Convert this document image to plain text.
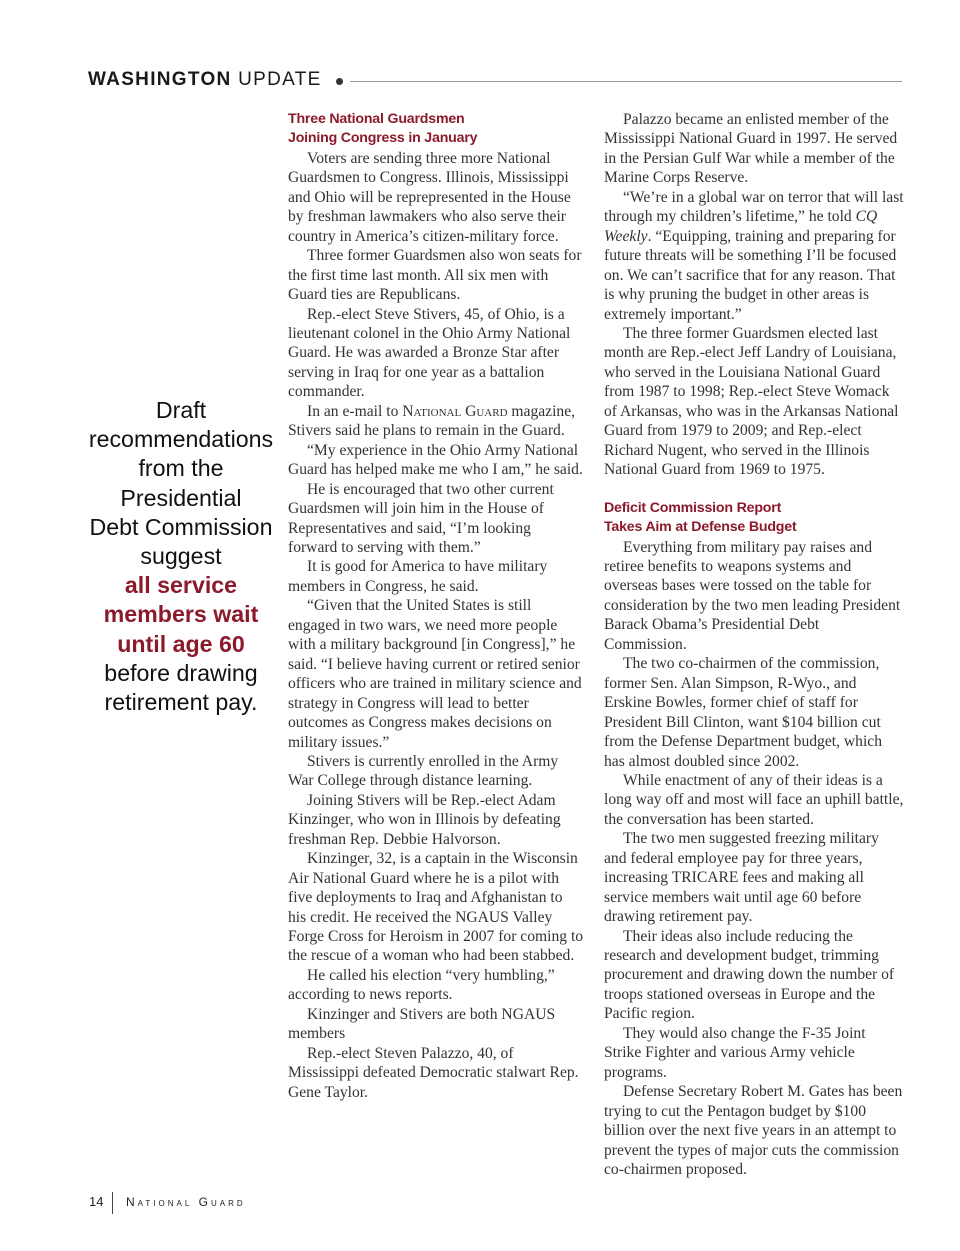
WASHINGTON UPDATE
Draft
recommendations
from the
Presidential
Debt Commission
suggest
all service
members wait
until age 60
before drawing
retirement pay.
Three National Guardsmen
Joining Congress in January

Voters are sending three more National Guardsmen to Congress. Illinois, Mississippi and Ohio will be reprepresented in the House by freshman lawmakers who also serve their country in America’s citizen-military force.

Three former Guardsmen also won seats for the first time last month. All six men with Guard ties are Republicans.

Rep.-elect Steve Stivers, 45, of Ohio, is a lieutenant colonel in the Ohio Army National Guard. He was awarded a Bronze Star after serving in Iraq for one year as a battalion commander.

In an e-mail to National Guard magazine, Stivers said he plans to remain in the Guard.

“My experience in the Ohio Army National Guard has helped make me who I am,” he said.

He is encouraged that two other current Guardsmen will join him in the House of Representatives and said, “I’m looking forward to serving with them.”

It is good for America to have military members in Congress, he said.

“Given that the United States is still engaged in two wars, we need more people with a military background [in Congress],” he said. “I believe having current or retired senior officers who are trained in military science and strategy in Congress will lead to better outcomes as Congress makes decisions on military issues.”

Stivers is currently enrolled in the Army War College through distance learning.

Joining Stivers will be Rep.-elect Adam Kinzinger, who won in Illinois by defeating freshman Rep. Debbie Halvorson.

Kinzinger, 32, is a captain in the Wisconsin Air National Guard where he is a pilot with five deployments to Iraq and Afghanistan to his credit. He received the NGAUS Valley Forge Cross for Heroism in 2007 for coming to the rescue of a woman who had been stabbed.

He called his election “very humbling,” according to news reports.

Kinzinger and Stivers are both NGAUS members

Rep.-elect Steven Palazzo, 40, of Mississippi defeated Democratic stalwart Rep. Gene Taylor.

Palazzo became an enlisted member of the Mississippi National Guard in 1997. He served in the Persian Gulf War while a member of the Marine Corps Reserve.

“We’re in a global war on terror that will last through my children’s lifetime,” he told CQ Weekly. “Equipping, training and preparing for future threats will be something I’ll be focused on. We can’t sacrifice that for any reason. That is why pruning the budget in other areas is extremely important.”

The three former Guardsmen elected last month are Rep.-elect Jeff Landry of Louisiana, who served in the Louisiana National Guard from 1987 to 1998; Rep.-elect Steve Womack of Arkansas, who was in the Arkansas National Guard from 1979 to 2009; and Rep.-elect Richard Nugent, who served in the Illinois National Guard from 1969 to 1975.

Deficit Commission Report
Takes Aim at Defense Budget

Everything from military pay raises and retiree benefits to weapons systems and overseas bases were tossed on the table for consideration by the two men leading President Barack Obama’s Presidential Debt Commission.

The two co-chairmen of the commission, former Sen. Alan Simpson, R-Wyo., and Erskine Bowles, former chief of staff for President Bill Clinton, want $104 billion cut from the Defense Department budget, which has almost doubled since 2002.

While enactment of any of their ideas is a long way off and most will face an uphill battle, the conversation has been started.

The two men suggested freezing military and federal employee pay for three years, increasing TRICARE fees and making all service members wait until age 60 before drawing retirement pay.

Their ideas also include reducing the research and development budget, trimming procurement and drawing down the number of troops stationed overseas in Europe and the Pacific region.

They would also change the F-35 Joint Strike Fighter and various Army vehicle programs.

Defense Secretary Robert M. Gates has been trying to cut the Pentagon budget by $100 billion over the next five years in an attempt to prevent the types of major cuts the commission co-chairmen proposed.

14 National Guard
